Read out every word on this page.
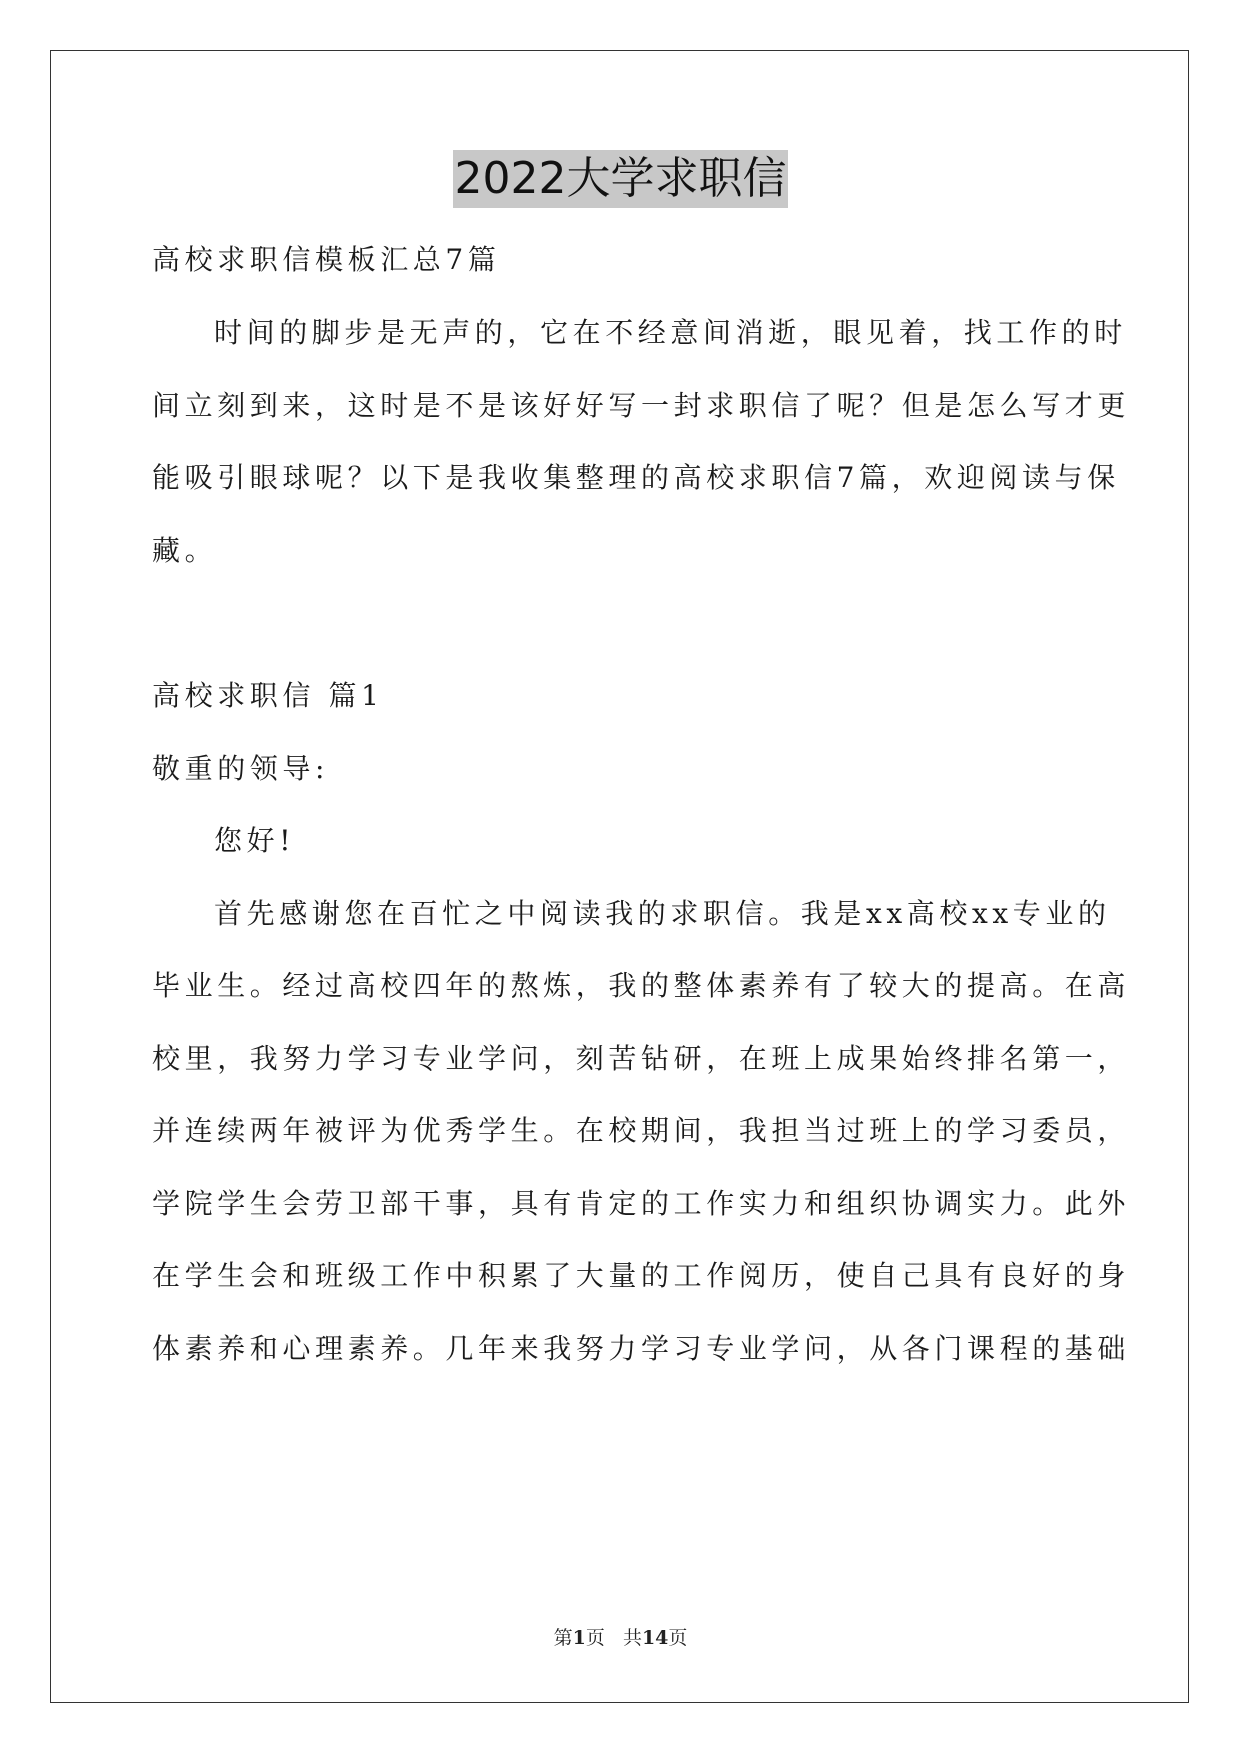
2022大学求职信
高校求职信模板汇总7篇
时间的脚步是无声的，它在不经意间消逝，眼见着，找工作的时
间立刻到来，这时是不是该好好写一封求职信了呢？但是怎么写才更
能吸引眼球呢？以下是我收集整理的高校求职信7篇，欢迎阅读与保
藏。
高校求职信 篇1
敬重的领导:
您好!
首先感谢您在百忙之中阅读我的求职信。我是xx高校xx专业的
毕业生。经过高校四年的熬炼，我的整体素养有了较大的提高。在高
校里，我努力学习专业学问，刻苦钻研，在班上成果始终排名第一，
并连续两年被评为优秀学生。在校期间，我担当过班上的学习委员，
学院学生会劳卫部干事，具有肯定的工作实力和组织协调实力。此外
在学生会和班级工作中积累了大量的工作阅历，使自己具有良好的身
体素养和心理素养。几年来我努力学习专业学问，从各门课程的基础
第1页   共14页
